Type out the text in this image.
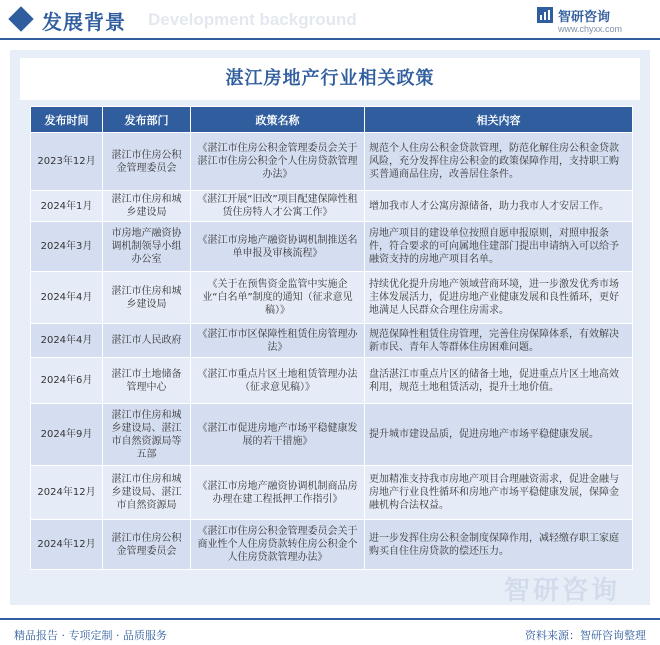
发展背景 Development background	智研咨询
www.chyxx.com
湛江房地产行业相关政策
发布时间	发布部门	政策名称	相关内容
2023年12月	湛江市住房公积金管理委员会	《湛江市住房公积金管理委员会关于湛江市住房公积金个人住房贷款管理办法》	规范个人住房公积金贷款管理，防范化解住房公积金贷款风险，充分发挥住房公积金的政策保障作用，支持职工购买普通商品住房，改善居住条件。
2024年1月	湛江市住房和城乡建设局	《湛江开展“旧改”项目配建保障性租赁住房特人才公寓工作》	增加我市人才公寓房源储备，助力我市人才安居工作。
2024年3月	市房地产融资协调机制领导小组办公室	《湛江市房地产融资协调机制推送名单申报及审核流程》	房地产项目的建设单位按照自愿申报原则，对照申报条件，符合要求的可向属地住建部门提出申请纳入可以给予融资支持的房地产项目名单。
2024年4月	湛江市住房和城乡建设局	《关于在预售资金监管中实施企业“白名单”制度的通知（征求意见稿）》	持续优化提升房地产领域营商环境，进一步激发优秀市场主体发展活力，促进房地产业健康发展和良性循环，更好地满足人民群众合理住房需求。
2024年4月	湛江市人民政府	《湛江市市区保障性租赁住房管理办法》	规范保障性租赁住房管理，完善住房保障体系，有效解决新市民、青年人等群体住房困难问题。
2024年6月	湛江市土地储备管理中心	《湛江市重点片区土地租赁管理办法（征求意见稿）》	盘活湛江市重点片区的储备土地，促进重点片区土地高效利用，规范土地租赁活动，提升土地价值。
2024年9月	湛江市住房和城乡建设局、湛江市自然资源局等五部	《湛江市促进房地产市场平稳健康发展的若干措施》	提升城市建设品质，促进房地产市场平稳健康发展。
2024年12月	湛江市住房和城乡建设局、湛江市自然资源局	《湛江市房地产融资协调机制商品房办理在建工程抵押工作指引》	更加精准支持我市房地产项目合理融资需求，促进金融与房地产行业良性循环和房地产市场平稳健康发展，保障金融机构合法权益。
2024年12月	湛江市住房公积金管理委员会	《湛江市住房公积金管理委员会关于商业性个人住房贷款转住房公积金个人住房贷款管理办法》	进一步发挥住房公积金制度保障作用，减轻缴存职工家庭购买自住住房贷款的偿还压力。
智研咨询
精品报告 · 专项定制 · 品质服务	资料来源：智研咨询整理
